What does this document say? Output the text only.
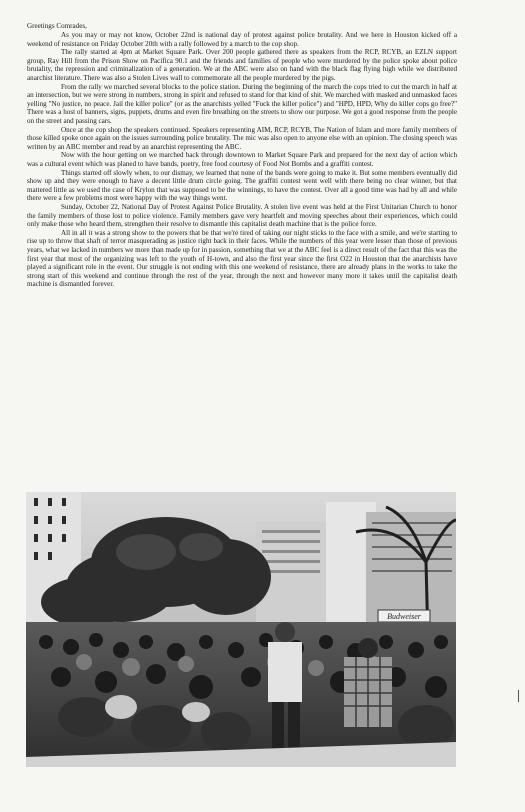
Greetings Comrades,

As you may or may not know, October 22nd is national day of protest against police brutality. And we here in Houston kicked off a weekend of resistance on Friday October 20th with a rally followed by a march to the cop shop.

The rally started at 4pm at Market Square Park. Over 200 people gathered there as speakers from the RCP, RCYB, an EZLN support group, Ray Hill from the Prison Show on Pacifica 90.1 and the friends and families of people who were murdered by the police spoke about police brutality, the repression and criminalization of a generation. We at the ABC were also on hand with the black flag flying high while we distributed anarchist literature. There was also a Stolen Lives wall to commemorate all the people murdered by the pigs.

From the rally we marched several blocks to the police station. During the beginning of the march the cops tried to cut the march in half at an intersection, but we were strong in numbers, strong in spirit and refused to stand for that kind of shit. We marched with masked and unmasked faces yelling "No justice, no peace. Jail the killer police" (or as the anarchists yelled "Fuck the killer police") and "HPD, HPD, Why do killer cops go free?" There was a host of banners, signs, puppets, drums and even fire breathing on the streets to show our purpose. We got a good response from the people on the street and passing cars.

Once at the cop shop the speakers continued. Speakers representing AIM, RCP, RCYB, The Nation of Islam and more family members of those killed spoke once again on the issues surrounding police brutality. The mic was also open to anyone else with an opinion. The closing speech was written by an ABC member and read by an anarchist representing the ABC.

Now with the hour getting on we marched back through downtown to Market Square Park and prepared for the next day of action which was a cultural event which was planed to have bands, poetry, free food courtesy of Food Not Bombs and a graffiti contest.

Things started off slowly when, to our dismay, we learned that none of the bands were going to make it. But some members eventually did show up and they were enough to have a decent little drum circle going. The graffiti contest went well with there being no clear winner, but that mattered little as we used the case of Krylon that was supposed to be the winnings, to have the contest. Over all a good time was had by all and while there were a few problems most were happy with the way things went.

Sunday, October 22, National Day of Protest Against Police Brutality. A stolen live event was held at the First Unitarian Church to honor the family members of those lost to police violence. Family members gave very heartfelt and moving speeches about their experiences, which could only make those who heard them, strengthen their resolve to dismantle this capitalist death machine that is the police force.

All in all it was a strong show to the powers that be that we're tired of taking our night sticks to the face with a smile, and we're starting to rise up to throw that shaft of terror masquerading as justice right back in their faces. While the numbers of this year were lesser than those of previous years, what we lacked in numbers we more than made up for in passion, something that we at the ABC feel is a direct result of the fact that this was the first year that most of the organizing was left to the youth of H-town, and also the first year since the first O22 in Houston that the anarchists have played a significant role in the event. Our struggle is not ending with this one weekend of resistance, there are already plans in the works to take the strong start of this weekend and continue through the rest of the year, through the next and however many more it takes until the capitalist death machine is dismantled forever.

Budweiser
